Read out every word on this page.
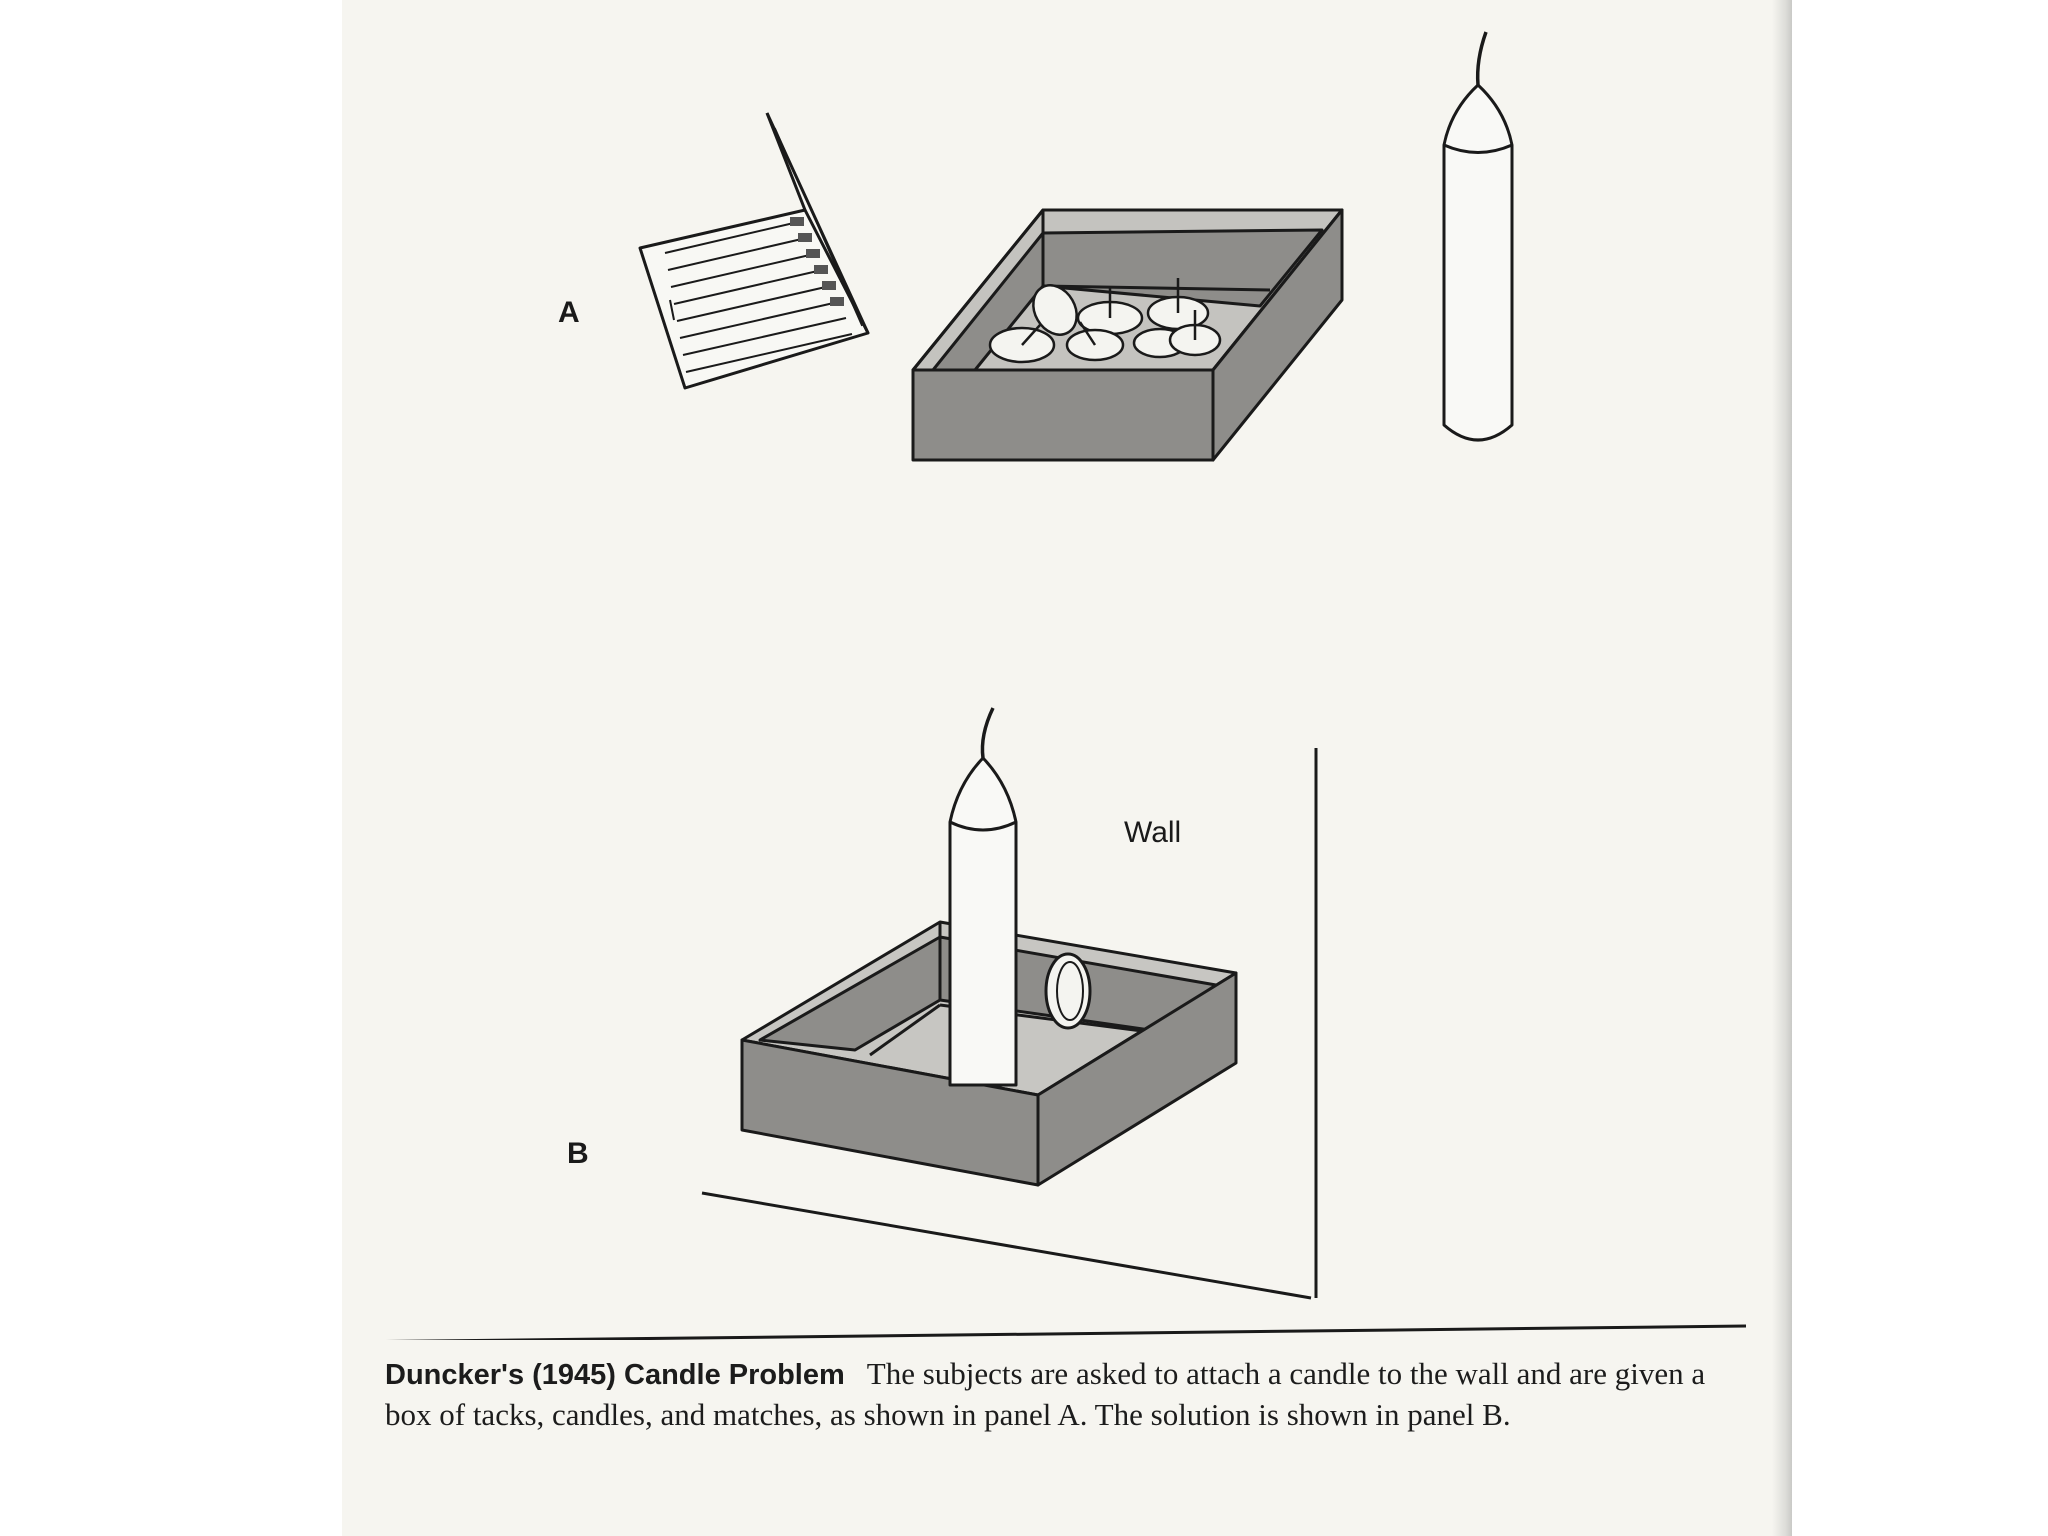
A
B
Wall
Duncker's (1945) Candle Problem The subjects are asked to attach a candle to the wall and are given a box of tacks, candles, and matches, as shown in panel A. The solution is shown in panel B.
